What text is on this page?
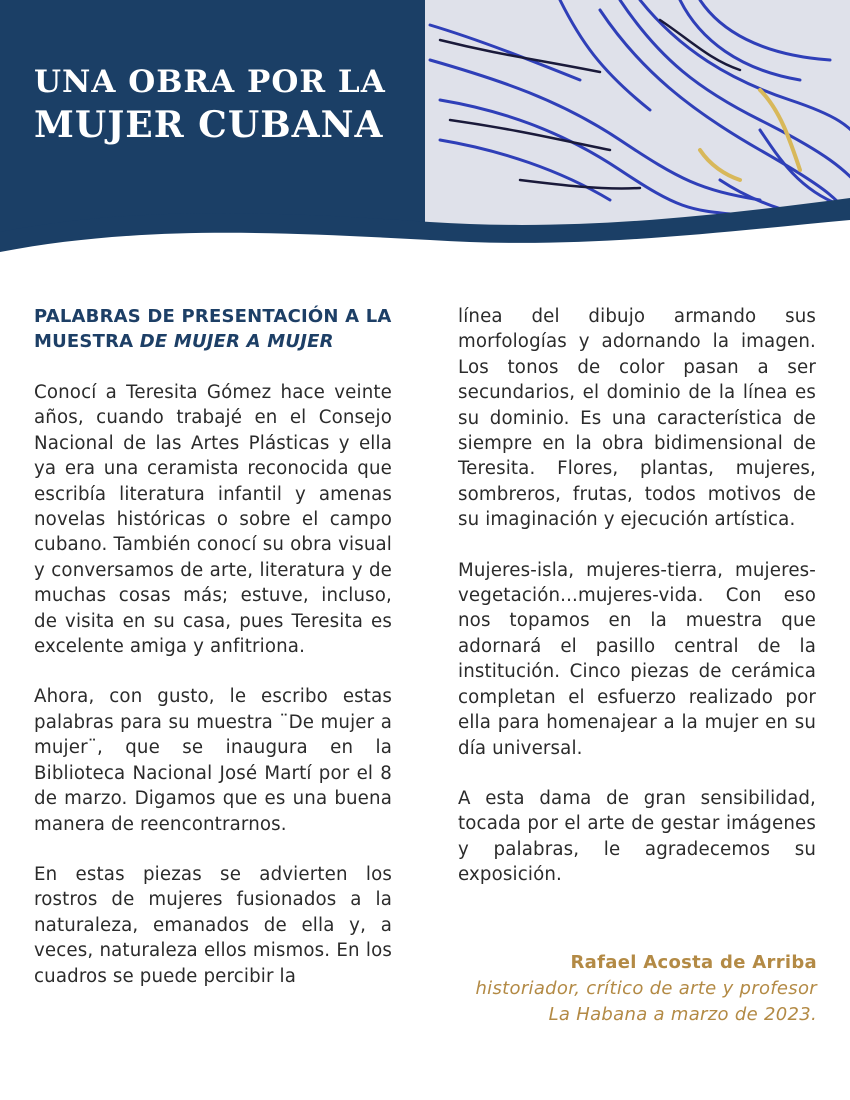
UNA OBRA POR LA
MUJER CUBANA
PALABRAS DE PRESENTACIÓN A LA MUESTRA DE MUJER A MUJER

Conocí a Teresita Gómez hace veinte años, cuando trabajé en el Consejo Nacional de las Artes Plásticas y ella ya era una ceramista reconocida que escribía literatura infantil y amenas novelas históricas o sobre el campo cubano. También conocí su obra visual y conversamos de arte, literatura y de muchas cosas más; estuve, incluso, de visita en su casa, pues Teresita es excelente amiga y anfitriona.

Ahora, con gusto, le escribo estas palabras para su muestra ¨De mujer a mujer¨, que se inaugura en la Biblioteca Nacional José Martí por el 8 de marzo. Digamos que es una buena manera de reencontrarnos.

En estas piezas se advierten los rostros de mujeres fusionados a la naturaleza, emanados de ella y, a veces, naturaleza ellos mismos. En los cuadros se puede percibir la

línea del dibujo armando sus morfologías y adornando la imagen. Los tonos de color pasan a ser secundarios, el dominio de la línea es su dominio. Es una característica de siempre en la obra bidimensional de Teresita. Flores, plantas, mujeres, sombreros, frutas, todos motivos de su imaginación y ejecución artística.

Mujeres-isla, mujeres-tierra, mujeres-vegetación...mujeres-vida. Con eso nos topamos en la muestra que adornará el pasillo central de la institución. Cinco piezas de cerámica completan el esfuerzo realizado por ella para homenajear a la mujer en su día universal.

A esta dama de gran sensibilidad, tocada por el arte de gestar imágenes y palabras, le agradecemos su exposición.

Rafael Acosta de Arriba
historiador, crítico de arte y profesor
La Habana a marzo de 2023.
